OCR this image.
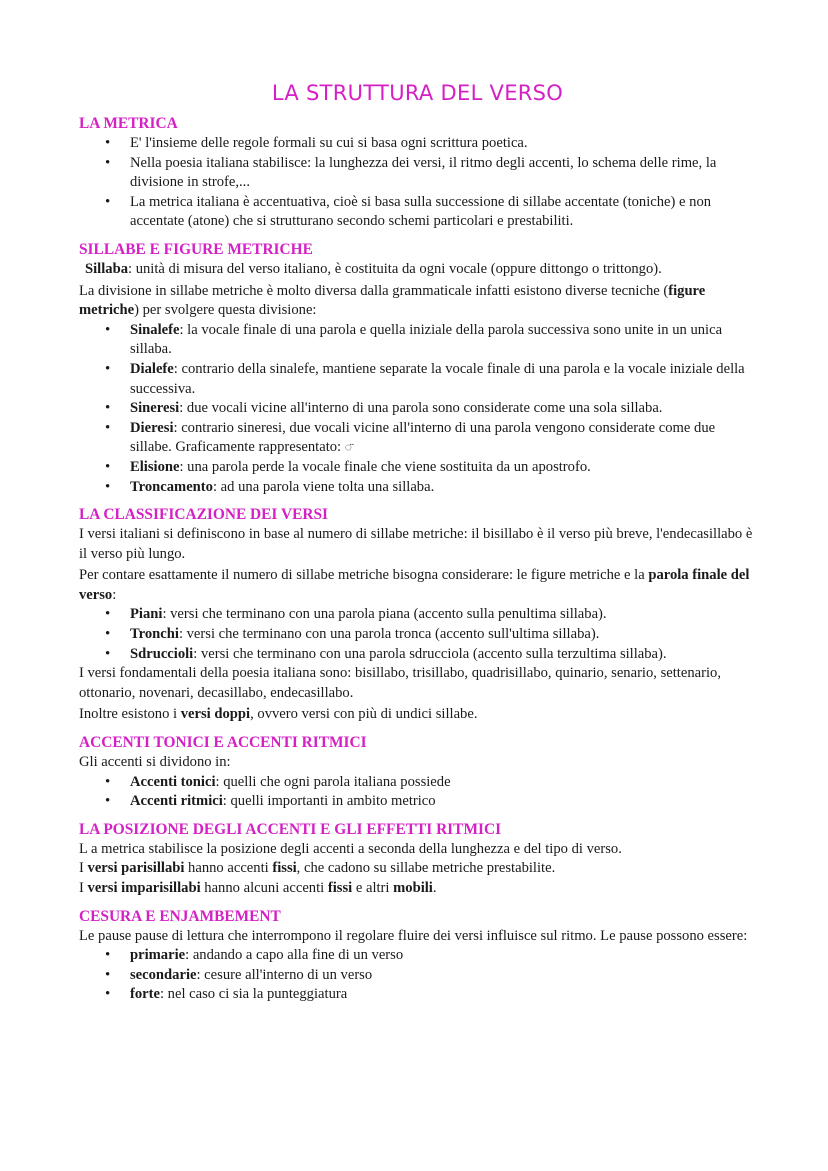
LA STRUTTURA DEL VERSO
LA METRICA
• E' l'insieme delle regole formali su cui si basa ogni scrittura poetica.
• Nella poesia italiana stabilisce: la lunghezza dei versi, il ritmo degli accenti, lo schema delle rime, la divisione in strofe,...
• La metrica italiana è accentuativa, cioè si basa sulla successione di sillabe accentate (toniche) e non accentate (atone) che si strutturano secondo schemi particolari e prestabiliti.
SILLABE E FIGURE METRICHE

Sillaba: unità di misura del verso italiano, è costituita da ogni vocale (oppure dittongo o trittongo).

La divisione in sillabe metriche è molto diversa dalla grammaticale infatti esistono diverse tecniche (figure metriche) per svolgere questa divisione:

• Sinalefe: la vocale finale di una parola e quella iniziale della parola successiva sono unite in un unica sillaba.
• Dialefe: contrario della sinalefe, mantiene separate la vocale finale di una parola e la vocale iniziale della successiva.
• Sineresi: due vocali vicine all'interno di una parola sono considerate come una sola sillaba.
• Dieresi: contrario sineresi, due vocali vicine all'interno di una parola vengono considerate come due sillabe. Graficamente rappresentato: ◌̈
• Elisione: una parola perde la vocale finale che viene sostituita da un apostrofo.
• Troncamento: ad una parola viene tolta una sillaba.
LA CLASSIFICAZIONE DEI VERSI

I versi italiani si definiscono in base al numero di sillabe metriche: il bisillabo è il verso più breve, l'endecasillabo è il verso più lungo.

Per contare esattamente il numero di sillabe metriche bisogna considerare: le figure metriche e la parola finale del verso:

• Piani: versi che terminano con una parola piana (accento sulla penultima sillaba).
• Tronchi: versi che terminano con una parola tronca (accento sull'ultima sillaba).
• Sdruccioli: versi che terminano con una parola sdrucciola (accento sulla terzultima sillaba).

I versi fondamentali della poesia italiana sono: bisillabo, trisillabo, quadrisillabo, quinario, senario, settenario, ottonario, novenari, decasillabo, endecasillabo.

Inoltre esistono i versi doppi, ovvero versi con più di undici sillabe.

ACCENTI TONICI E ACCENTI RITMICI

Gli accenti si dividono in:

• Accenti tonici: quelli che ogni parola italiana possiede
• Accenti ritmici: quelli importanti in ambito metrico
LA POSIZIONE DEGLI ACCENTI E GLI EFFETTI RITMICI

L a metrica stabilisce la posizione degli accenti a seconda della lunghezza e del tipo di verso.

I versi parisillabi hanno accenti fissi, che cadono su sillabe metriche prestabilite.

I versi imparisillabi hanno alcuni accenti fissi e altri mobili.

CESURA E ENJAMBEMENT

Le pause pause di lettura che interrompono il regolare fluire dei versi influisce sul ritmo. Le pause possono essere:

• primarie: andando a capo alla fine di un verso
• secondarie: cesure all'interno di un verso
• forte: nel caso ci sia la punteggiatura
